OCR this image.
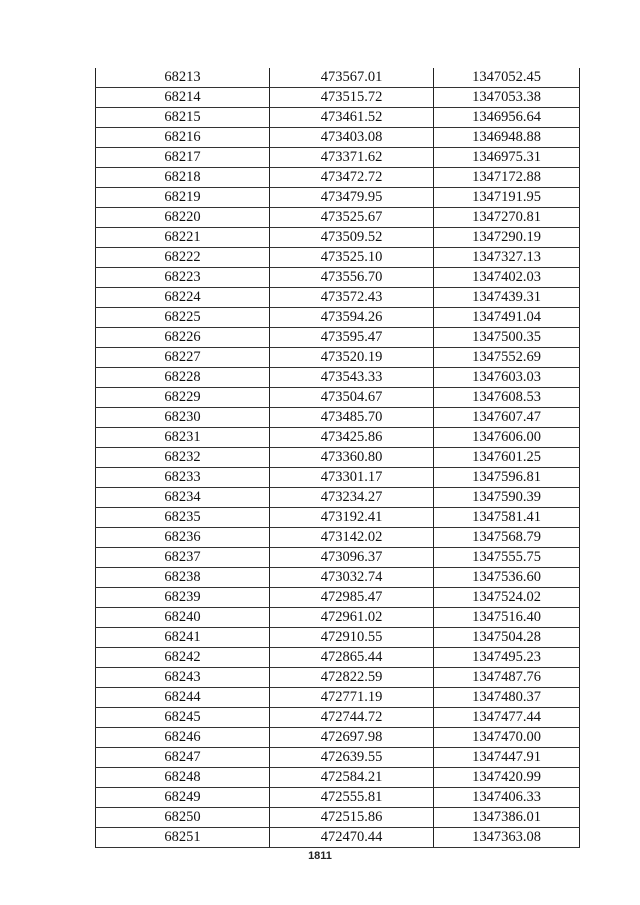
68213	473567.01	1347052.45
68214	473515.72	1347053.38
68215	473461.52	1346956.64
68216	473403.08	1346948.88
68217	473371.62	1346975.31
68218	473472.72	1347172.88
68219	473479.95	1347191.95
68220	473525.67	1347270.81
68221	473509.52	1347290.19
68222	473525.10	1347327.13
68223	473556.70	1347402.03
68224	473572.43	1347439.31
68225	473594.26	1347491.04
68226	473595.47	1347500.35
68227	473520.19	1347552.69
68228	473543.33	1347603.03
68229	473504.67	1347608.53
68230	473485.70	1347607.47
68231	473425.86	1347606.00
68232	473360.80	1347601.25
68233	473301.17	1347596.81
68234	473234.27	1347590.39
68235	473192.41	1347581.41
68236	473142.02	1347568.79
68237	473096.37	1347555.75
68238	473032.74	1347536.60
68239	472985.47	1347524.02
68240	472961.02	1347516.40
68241	472910.55	1347504.28
68242	472865.44	1347495.23
68243	472822.59	1347487.76
68244	472771.19	1347480.37
68245	472744.72	1347477.44
68246	472697.98	1347470.00
68247	472639.55	1347447.91
68248	472584.21	1347420.99
68249	472555.81	1347406.33
68250	472515.86	1347386.01
68251	472470.44	1347363.08
1811
